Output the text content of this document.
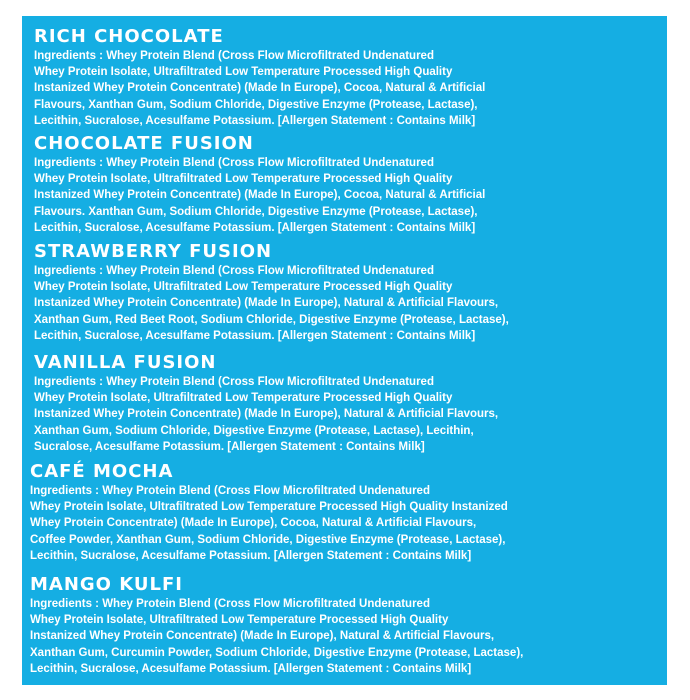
RICH CHOCOLATE

Ingredients : Whey Protein Blend (Cross Flow Microfiltrated Undenatured
Whey Protein Isolate, Ultrafiltrated Low Temperature Processed High Quality
Instanized Whey Protein Concentrate) (Made In Europe), Cocoa, Natural & Artificial
Flavours, Xanthan Gum, Sodium Chloride, Digestive Enzyme (Protease, Lactase),
Lecithin, Sucralose, Acesulfame Potassium. [Allergen Statement : Contains Milk]

CHOCOLATE FUSION

Ingredients : Whey Protein Blend (Cross Flow Microfiltrated Undenatured
Whey Protein Isolate, Ultrafiltrated Low Temperature Processed High Quality
Instanized Whey Protein Concentrate) (Made In Europe), Cocoa, Natural & Artificial
Flavours. Xanthan Gum, Sodium Chloride, Digestive Enzyme (Protease, Lactase),
Lecithin, Sucralose, Acesulfame Potassium. [Allergen Statement : Contains Milk]

STRAWBERRY FUSION

Ingredients : Whey Protein Blend (Cross Flow Microfiltrated Undenatured
Whey Protein Isolate, Ultrafiltrated Low Temperature Processed High Quality
Instanized Whey Protein Concentrate) (Made In Europe), Natural & Artificial Flavours,
Xanthan Gum, Red Beet Root, Sodium Chloride, Digestive Enzyme (Protease, Lactase),
Lecithin, Sucralose, Acesulfame Potassium. [Allergen Statement : Contains Milk]

VANILLA FUSION

Ingredients : Whey Protein Blend (Cross Flow Microfiltrated Undenatured
Whey Protein Isolate, Ultrafiltrated Low Temperature Processed High Quality
Instanized Whey Protein Concentrate) (Made In Europe), Natural & Artificial Flavours,
Xanthan Gum, Sodium Chloride, Digestive Enzyme (Protease, Lactase), Lecithin,
Sucralose, Acesulfame Potassium. [Allergen Statement : Contains Milk]

CAFÉ MOCHA

Ingredients : Whey Protein Blend (Cross Flow Microfiltrated Undenatured
Whey Protein Isolate, Ultrafiltrated Low Temperature Processed High Quality Instanized
Whey Protein Concentrate) (Made In Europe), Cocoa, Natural & Artificial Flavours,
Coffee Powder, Xanthan Gum, Sodium Chloride, Digestive Enzyme (Protease, Lactase),
Lecithin, Sucralose, Acesulfame Potassium. [Allergen Statement : Contains Milk]

MANGO KULFI

Ingredients : Whey Protein Blend (Cross Flow Microfiltrated Undenatured
Whey Protein Isolate, Ultrafiltrated Low Temperature Processed High Quality
Instanized Whey Protein Concentrate) (Made In Europe), Natural & Artificial Flavours,
Xanthan Gum, Curcumin Powder, Sodium Chloride, Digestive Enzyme (Protease, Lactase),
Lecithin, Sucralose, Acesulfame Potassium. [Allergen Statement : Contains Milk]
